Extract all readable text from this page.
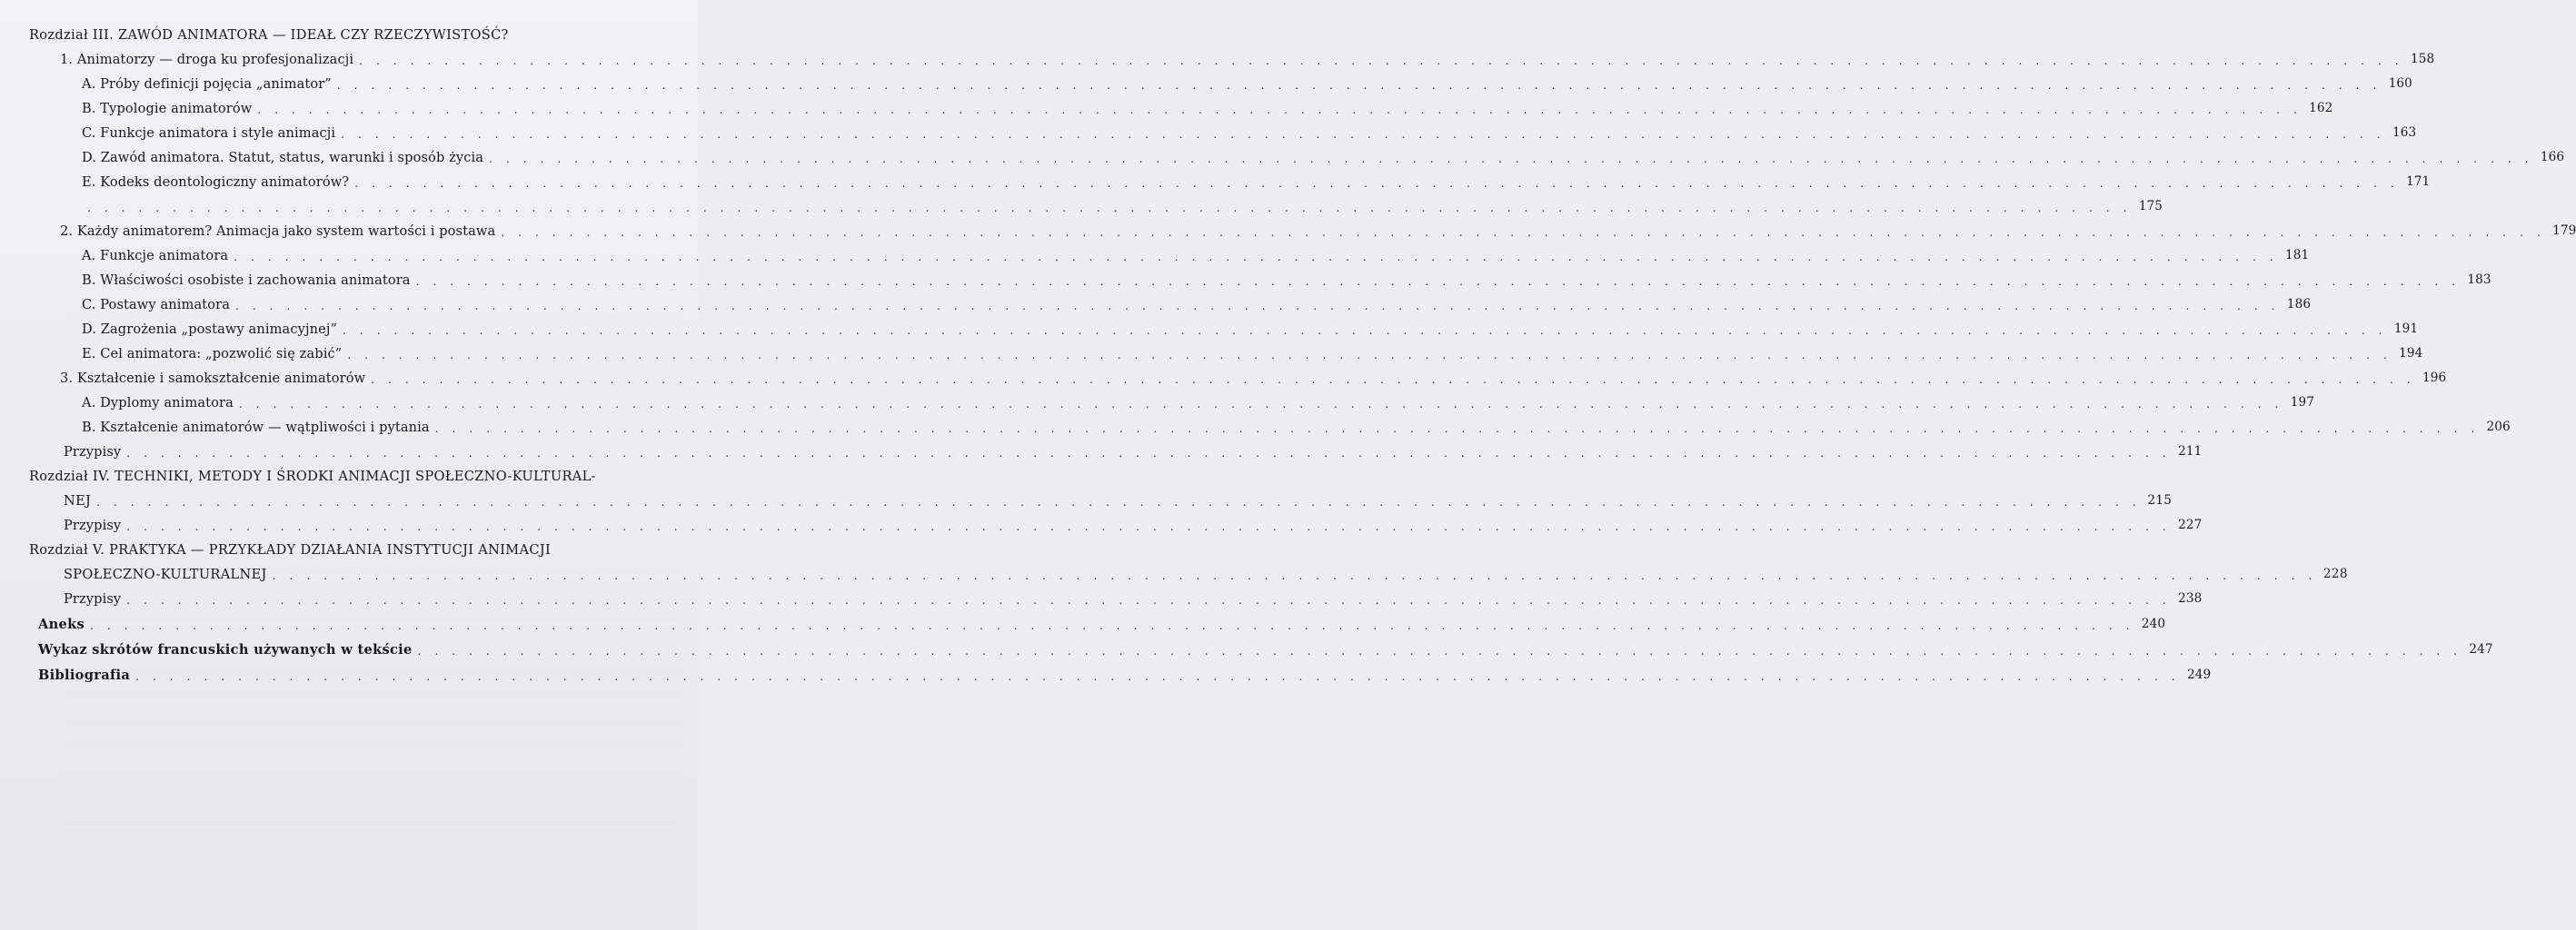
Rozdział III. ZAWÓD ANIMATORA — IDEAŁ CZY RZECZYWISTOŚĆ?
1. Animatorzy — droga ku profesjonalizacji . . . . . . . . . . . . . . . . . . . . . . . . . . . . . . . . . . . . . . . . . . . . . . . . . . . . . . . . . . . . . . . . . . . . . . . . . . . . . . . . . . . . . . . . . . . . . . . . . . . . . . . . . . . . . . . . . . . . . . . . 158
A. Próby definicji pojęcia „animator” . . . . . . . . . . . . . . . . . . . . . . . . . . . . . . . . . . . . . . . . . . . . . . . . . . . . . . . . . . . . . . . . . . . . . . . . . . . . . . . . . . . . . . . . . . . . . . . . . . . . . . . . . . . . . . . . . . . . . . . . 160
B. Typologie animatorów . . . . . . . . . . . . . . . . . . . . . . . . . . . . . . . . . . . . . . . . . . . . . . . . . . . . . . . . . . . . . . . . . . . . . . . . . . . . . . . . . . . . . . . . . . . . . . . . . . . . . . . . . . . . . . . . . . . . . . . . 162
C. Funkcje animatora i style animacji . . . . . . . . . . . . . . . . . . . . . . . . . . . . . . . . . . . . . . . . . . . . . . . . . . . . . . . . . . . . . . . . . . . . . . . . . . . . . . . . . . . . . . . . . . . . . . . . . . . . . . . . . . . . . . . . . . . . . . . . 163
D. Zawód animatora. Statut, status, warunki i sposób życia . . . . . . . . . . . . . . . . . . . . . . . . . . . . . . . . . . . . . . . . . . . . . . . . . . . . . . . . . . . . . . . . . . . . . . . . . . . . . . . . . . . . . . . . . . . . . . . . . . . . . . . . . . . . . . . . . . . . . . . . 166
E. Kodeks deontologiczny animatorów? . . . . . . . . . . . . . . . . . . . . . . . . . . . . . . . . . . . . . . . . . . . . . . . . . . . . . . . . . . . . . . . . . . . . . . . . . . . . . . . . . . . . . . . . . . . . . . . . . . . . . . . . . . . . . . . . . . . . . . . . 171
. . . . . . . . . . . . . . . . . . . . . . . . . . . . . . . . . . . . . . . . . . . . . . . . . . . . . . . . . . . . . . . . . . . . . . . . . . . . . . . . . . . . . . . . . . . . . . . . . . . . . . . . . . . . . . . . . . . . . . . . 175
2. Każdy animatorem? Animacja jako system wartości i postawa . . . . . . . . . . . . . . . . . . . . . . . . . . . . . . . . . . . . . . . . . . . . . . . . . . . . . . . . . . . . . . . . . . . . . . . . . . . . . . . . . . . . . . . . . . . . . . . . . . . . . . . . . . . . . . . . . . . . . . . . 179
A. Funkcje animatora . . . . . . . . . . . . . . . . . . . . . . . . . . . . . . . . . . . . . . . . . . . . . . . . . . . . . . . . . . . . . . . . . . . . . . . . . . . . . . . . . . . . . . . . . . . . . . . . . . . . . . . . . . . . . . . . . . . . . . . . 181
B. Właściwości osobiste i zachowania animatora . . . . . . . . . . . . . . . . . . . . . . . . . . . . . . . . . . . . . . . . . . . . . . . . . . . . . . . . . . . . . . . . . . . . . . . . . . . . . . . . . . . . . . . . . . . . . . . . . . . . . . . . . . . . . . . . . . . . . . . . 183
C. Postawy animatora . . . . . . . . . . . . . . . . . . . . . . . . . . . . . . . . . . . . . . . . . . . . . . . . . . . . . . . . . . . . . . . . . . . . . . . . . . . . . . . . . . . . . . . . . . . . . . . . . . . . . . . . . . . . . . . . . . . . . . . . 186
D. Zagrożenia „postawy animacyjnej” . . . . . . . . . . . . . . . . . . . . . . . . . . . . . . . . . . . . . . . . . . . . . . . . . . . . . . . . . . . . . . . . . . . . . . . . . . . . . . . . . . . . . . . . . . . . . . . . . . . . . . . . . . . . . . . . . . . . . . . . 191
E. Cel animatora: „pozwolić się zabić” . . . . . . . . . . . . . . . . . . . . . . . . . . . . . . . . . . . . . . . . . . . . . . . . . . . . . . . . . . . . . . . . . . . . . . . . . . . . . . . . . . . . . . . . . . . . . . . . . . . . . . . . . . . . . . . . . . . . . . . . 194
3. Kształcenie i samokształcenie animatorów . . . . . . . . . . . . . . . . . . . . . . . . . . . . . . . . . . . . . . . . . . . . . . . . . . . . . . . . . . . . . . . . . . . . . . . . . . . . . . . . . . . . . . . . . . . . . . . . . . . . . . . . . . . . . . . . . . . . . . . . 196
A. Dyplomy animatora . . . . . . . . . . . . . . . . . . . . . . . . . . . . . . . . . . . . . . . . . . . . . . . . . . . . . . . . . . . . . . . . . . . . . . . . . . . . . . . . . . . . . . . . . . . . . . . . . . . . . . . . . . . . . . . . . . . . . . . . 197
B. Kształcenie animatorów — wątpliwości i pytania . . . . . . . . . . . . . . . . . . . . . . . . . . . . . . . . . . . . . . . . . . . . . . . . . . . . . . . . . . . . . . . . . . . . . . . . . . . . . . . . . . . . . . . . . . . . . . . . . . . . . . . . . . . . . . . . . . . . . . . . 206
Przypisy . . . . . . . . . . . . . . . . . . . . . . . . . . . . . . . . . . . . . . . . . . . . . . . . . . . . . . . . . . . . . . . . . . . . . . . . . . . . . . . . . . . . . . . . . . . . . . . . . . . . . . . . . . . . . . . . . . . . . . . . 211
Rozdział IV. TECHNIKI, METODY I ŚRODKI ANIMACJI SPOŁECZNO-KULTURAL-
NEJ . . . . . . . . . . . . . . . . . . . . . . . . . . . . . . . . . . . . . . . . . . . . . . . . . . . . . . . . . . . . . . . . . . . . . . . . . . . . . . . . . . . . . . . . . . . . . . . . . . . . . . . . . . . . . . . . . . . . . . . . 215
Przypisy . . . . . . . . . . . . . . . . . . . . . . . . . . . . . . . . . . . . . . . . . . . . . . . . . . . . . . . . . . . . . . . . . . . . . . . . . . . . . . . . . . . . . . . . . . . . . . . . . . . . . . . . . . . . . . . . . . . . . . . . 227
Rozdział V. PRAKTYKA — PRZYKŁADY DZIAŁANIA INSTYTUCJI ANIMACJI
SPOŁECZNO-KULTURALNEJ . . . . . . . . . . . . . . . . . . . . . . . . . . . . . . . . . . . . . . . . . . . . . . . . . . . . . . . . . . . . . . . . . . . . . . . . . . . . . . . . . . . . . . . . . . . . . . . . . . . . . . . . . . . . . . . . . . . . . . . . 228
Przypisy . . . . . . . . . . . . . . . . . . . . . . . . . . . . . . . . . . . . . . . . . . . . . . . . . . . . . . . . . . . . . . . . . . . . . . . . . . . . . . . . . . . . . . . . . . . . . . . . . . . . . . . . . . . . . . . . . . . . . . . . 238
Aneks . . . . . . . . . . . . . . . . . . . . . . . . . . . . . . . . . . . . . . . . . . . . . . . . . . . . . . . . . . . . . . . . . . . . . . . . . . . . . . . . . . . . . . . . . . . . . . . . . . . . . . . . . . . . . . . . . . . . . . . . 240
Wykaz skrótów francuskich używanych w tekście . . . . . . . . . . . . . . . . . . . . . . . . . . . . . . . . . . . . . . . . . . . . . . . . . . . . . . . . . . . . . . . . . . . . . . . . . . . . . . . . . . . . . . . . . . . . . . . . . . . . . . . . . . . . . . . . . . . . . . . . 247
Bibliografia . . . . . . . . . . . . . . . . . . . . . . . . . . . . . . . . . . . . . . . . . . . . . . . . . . . . . . . . . . . . . . . . . . . . . . . . . . . . . . . . . . . . . . . . . . . . . . . . . . . . . . . . . . . . . . . . . . . . . . . . 249
